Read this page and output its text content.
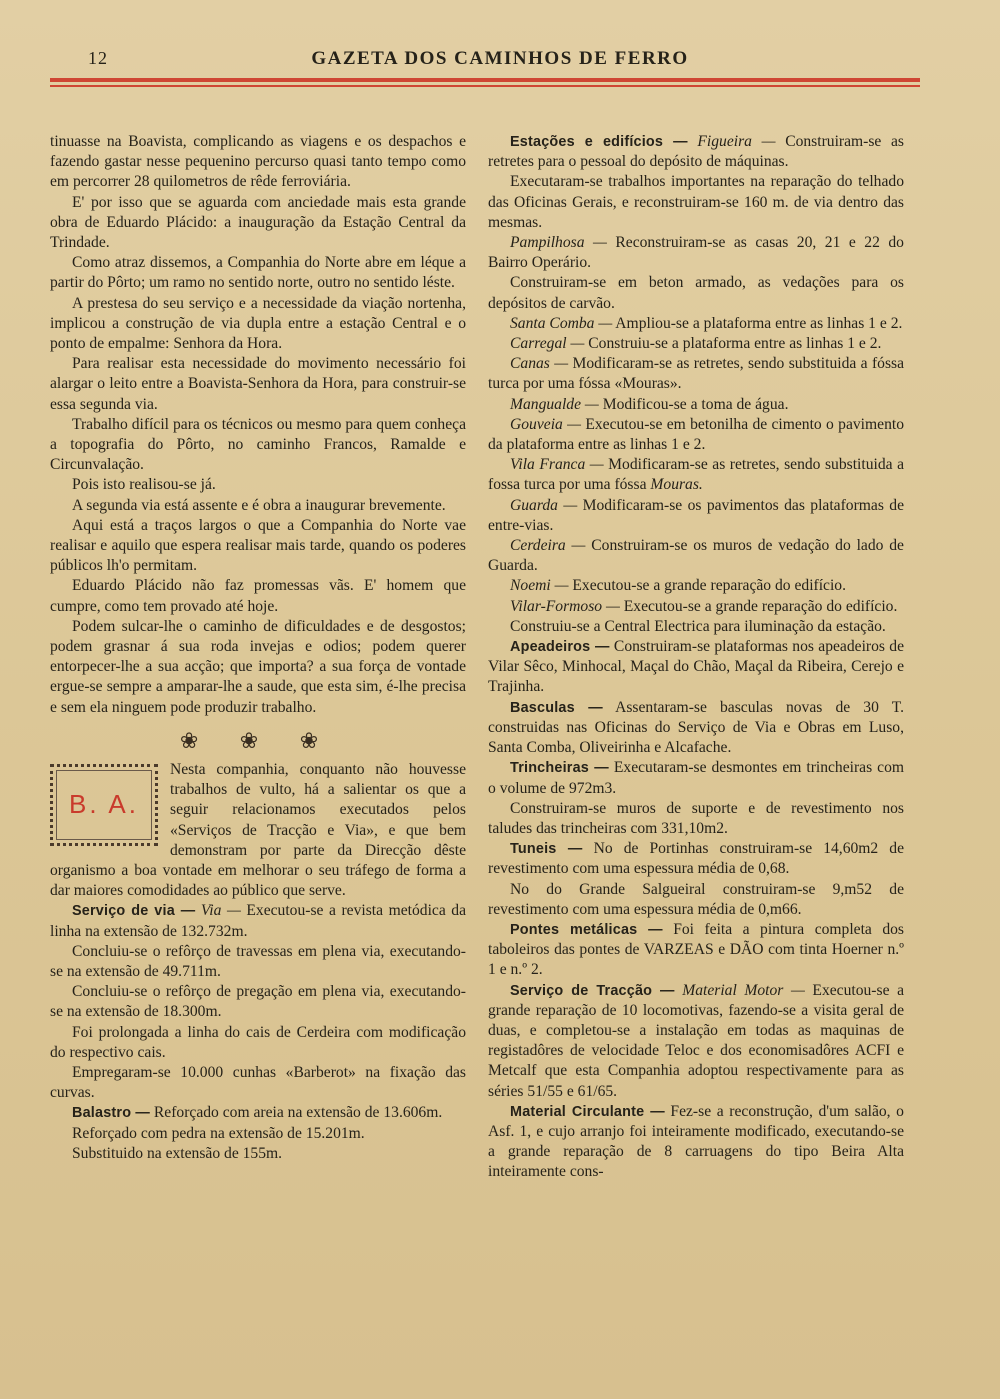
12	GAZETA DOS CAMINHOS DE FERRO

tinuasse na Boavista, complicando as viagens e os despachos e fazendo gastar nesse pequenino percurso quasi tanto tempo como em percorrer 28 quilometros de rêde ferroviária.

E' por isso que se aguarda com anciedade mais esta grande obra de Eduardo Plácido: a inauguração da Estação Central da Trindade.

Como atraz dissemos, a Companhia do Norte abre em léque a partir do Pôrto; um ramo no sentido norte, outro no sentido léste.

A prestesa do seu serviço e a necessidade da viação nortenha, implicou a construção de via dupla entre a estação Central e o ponto de empalme: Senhora da Hora.

Para realisar esta necessidade do movimento necessário foi alargar o leito entre a Boavista-Senhora da Hora, para construir-se essa segunda via.

Trabalho difícil para os técnicos ou mesmo para quem conheça a topografia do Pôrto, no caminho Francos, Ramalde e Circunvalação.

Pois isto realisou-se já.

A segunda via está assente e é obra a inaugurar brevemente.

Aqui está a traços largos o que a Companhia do Norte vae realisar e aquilo que espera realisar mais tarde, quando os poderes públicos lh'o permitam.

Eduardo Plácido não faz promessas vãs. E' homem que cumpre, como tem provado até hoje.

Podem sulcar-lhe o caminho de dificuldades e de desgostos; podem grasnar á sua roda invejas e odios; podem querer entorpecer-lhe a sua acção; que importa? a sua força de vontade ergue-se sempre a amparar-lhe a saude, que esta sim, é-lhe precisa e sem ela ninguem pode produzir trabalho.

❀ ❀ ❀
B. A.

Nesta companhia, conquanto não houvesse trabalhos de vulto, há a salientar os que a seguir relacionamos executados pelos «Serviços de Tracção e Via», e que bem demonstram por parte da Direcção dêste organismo a boa vontade em melhorar o seu tráfego de forma a dar maiores comodidades ao público que serve.

Serviço de via — Via — Executou-se a revista metódica da linha na extensão de 132.732m.

Concluiu-se o refôrço de travessas em plena via, executando-se na extensão de 49.711m.

Concluiu-se o refôrço de pregação em plena via, executando-se na extensão de 18.300m.

Foi prolongada a linha do cais de Cerdeira com modificação do respectivo cais.

Empregaram-se 10.000 cunhas «Barberot» na fixação das curvas.

Balastro — Reforçado com areia na extensão de 13.606m.

Reforçado com pedra na extensão de 15.201m.

Substituido na extensão de 155m.

Estações e edifícios — Figueira — Construiram-se as retretes para o pessoal do depósito de máquinas.

Executaram-se trabalhos importantes na reparação do telhado das Oficinas Gerais, e reconstruiram-se 160 m. de via dentro das mesmas.

Pampilhosa — Reconstruiram-se as casas 20, 21 e 22 do Bairro Operário.

Construiram-se em beton armado, as vedações para os depósitos de carvão.

Santa Comba — Ampliou-se a plataforma entre as linhas 1 e 2.

Carregal — Construiu-se a plataforma entre as linhas 1 e 2.

Canas — Modificaram-se as retretes, sendo substituida a fóssa turca por uma fóssa «Mouras».

Mangualde — Modificou-se a toma de água.

Gouveia — Executou-se em betonilha de cimento o pavimento da plataforma entre as linhas 1 e 2.

Vila Franca — Modificaram-se as retretes, sendo substituida a fossa turca por uma fóssa Mouras.

Guarda — Modificaram-se os pavimentos das plataformas de entre-vias.

Cerdeira — Construiram-se os muros de vedação do lado de Guarda.

Noemi — Executou-se a grande reparação do edifício.

Vilar-Formoso — Executou-se a grande reparação do edifício.

Construiu-se a Central Electrica para iluminação da estação.

Apeadeiros — Construiram-se plataformas nos apeadeiros de Vilar Sêco, Minhocal, Maçal do Chão, Maçal da Ribeira, Cerejo e Trajinha.

Basculas — Assentaram-se basculas novas de 30 T. construidas nas Oficinas do Serviço de Via e Obras em Luso, Santa Comba, Oliveirinha e Alcafache.

Trincheiras — Executaram-se desmontes em trincheiras com o volume de 972m3.

Construiram-se muros de suporte e de revestimento nos taludes das trincheiras com 331,10m2.

Tuneis — No de Portinhas construiram-se 14,60m2 de revestimento com uma espessura média de 0,68.

No do Grande Salgueiral construiram-se 9,m52 de revestimento com uma espessura média de 0,m66.

Pontes metálicas — Foi feita a pintura completa dos taboleiros das pontes de VARZEAS e DÃO com tinta Hoerner n.º 1 e n.º 2.

Serviço de Tracção — Material Motor — Executou-se a grande reparação de 10 locomotivas, fazendo-se a visita geral de duas, e completou-se a instalação em todas as maquinas de registadôres de velocidade Teloc e dos economisadôres ACFI e Metcalf que esta Companhia adoptou respectivamente para as séries 51/55 e 61/65.

Material Circulante — Fez-se a reconstrução, d'um salão, o Asf. 1, e cujo arranjo foi inteiramente modificado, executando-se a grande reparação de 8 carruagens do tipo Beira Alta inteiramente cons-
